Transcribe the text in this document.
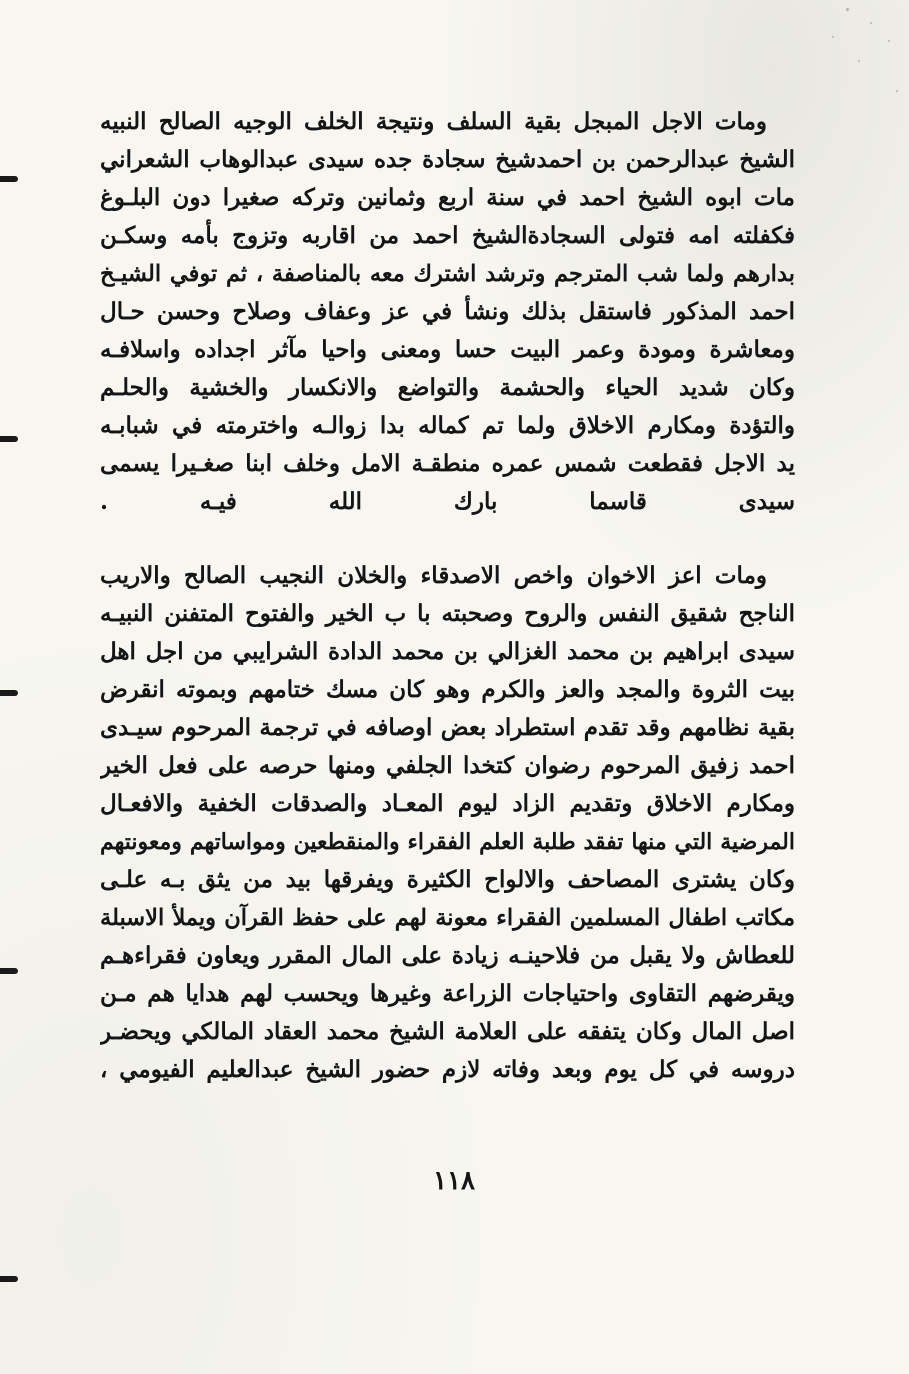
ومات الاجل المبجل بقية السلف ونتيجة الخلف الوجيه الصالح النبيه
الشيخ عبدالرحمن بن احمدشيخ سجادة جده سيدى عبدالوهاب الشعراني
مات ابوه الشيخ احمد في سنة اربع وثمانين وتركه صغيرا دون البلـوغ
فكفلته امه فتولى السجادةالشيخ احمد من اقاربه وتزوج بأمه وسكـن
بدارهم ولما شب المترجم وترشد اشترك معه بالمناصفة ، ثم توفي الشيـخ
احمد المذكور فاستقل بذلك ونشأ في عز وعفاف وصلاح وحسن حـال
ومعاشرة ومودة وعمر البيت حسا ومعنى واحيا مآثر اجداده واسلافـه
وكان شديد الحياء والحشمة والتواضع والانكسار والخشية والحلـم
والتؤدة ومكارم الاخلاق ولما تم كماله بدا زوالـه واخترمته في شبابـه
يد الاجل فقطعت شمس عمره منطقـة الامل وخلف ابنا صغـيرا يسمى
سيدى قاسما بارك الله فيـه .
ومات اعز الاخوان واخص الاصدقاء والخلان النجيب الصالح والاريب
الناجح شقيق النفس والروح وصحبته با ب الخير والفتوح المتفنن النبيـه
سيدى ابراهيم بن محمد الغزالي بن محمد الدادة الشرايبي من اجل اهل
بيت الثروة والمجد والعز والكرم وهو كان مسك ختامهم وبموته انقرض
بقية نظامهم وقد تقدم استطراد بعض اوصافه في ترجمة المرحوم سيـدى
احمد زفيق المرحوم رضوان كتخدا الجلفي ومنها حرصه على فعل الخير
ومكارم الاخلاق وتقديم الزاد ليوم المعـاد والصدقات الخفية والافعـال
المرضية التي منها تفقد طلبة العلم الفقراء والمنقطعين ومواساتهم ومعونتهم
وكان يشترى المصاحف والالواح الكثيرة ويفرقها بيد من يثق بـه علـى
مكاتب اطفال المسلمين الفقراء معونة لهم على حفظ القرآن ويملأ الاسبلة
للعطاش ولا يقبل من فلاحينـه زيادة على المال المقرر ويعاون فقراءهـم
ويقرضهم التقاوى واحتياجات الزراعة وغيرها ويحسب لهم هدايا هم مـن
اصل المال وكان يتفقه على العلامة الشيخ محمد العقاد المالكي ويحضـر
دروسه في كل يوم وبعد وفاته لازم حضور الشيخ عبدالعليم الفيومي ،
١١٨
